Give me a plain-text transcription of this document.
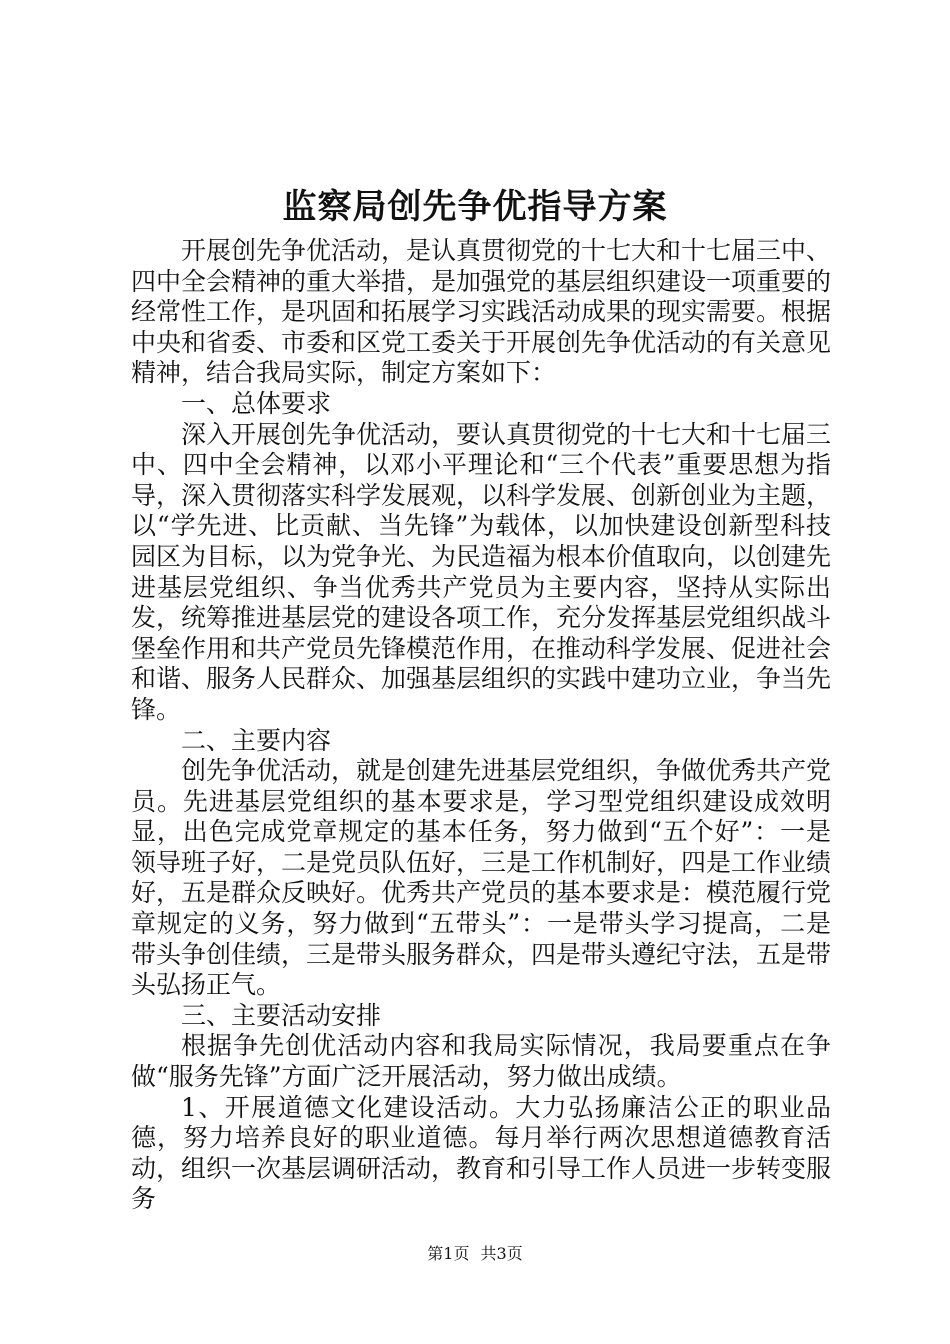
监察局创先争优指导方案

开展创先争优活动，是认真贯彻党的十七大和十七届三中、四中全会精神的重大举措，是加强党的基层组织建设一项重要的经常性工作，是巩固和拓展学习实践活动成果的现实需要。根据中央和省委、市委和区党工委关于开展创先争优活动的有关意见精神，结合我局实际，制定方案如下：

一、总体要求

深入开展创先争优活动，要认真贯彻党的十七大和十七届三中、四中全会精神，以邓小平理论和“三个代表”重要思想为指导，深入贯彻落实科学发展观，以科学发展、创新创业为主题，以“学先进、比贡献、当先锋”为载体，以加快建设创新型科技园区为目标，以为党争光、为民造福为根本价值取向，以创建先进基层党组织、争当优秀共产党员为主要内容，坚持从实际出发，统筹推进基层党的建设各项工作，充分发挥基层党组织战斗堡垒作用和共产党员先锋模范作用，在推动科学发展、促进社会和谐、服务人民群众、加强基层组织的实践中建功立业，争当先锋。

二、主要内容

创先争优活动，就是创建先进基层党组织，争做优秀共产党员。先进基层党组织的基本要求是，学习型党组织建设成效明显，出色完成党章规定的基本任务，努力做到“五个好”：一是领导班子好，二是党员队伍好，三是工作机制好，四是工作业绩好，五是群众反映好。优秀共产党员的基本要求是：模范履行党章规定的义务，努力做到“五带头”：一是带头学习提高，二是带头争创佳绩，三是带头服务群众，四是带头遵纪守法，五是带头弘扬正气。

三、主要活动安排

根据争先创优活动内容和我局实际情况，我局要重点在争做“服务先锋”方面广泛开展活动，努力做出成绩。

1、开展道德文化建设活动。大力弘扬廉洁公正的职业品德，努力培养良好的职业道德。每月举行两次思想道德教育活动，组织一次基层调研活动，教育和引导工作人员进一步转变服务

第1页 共3页
